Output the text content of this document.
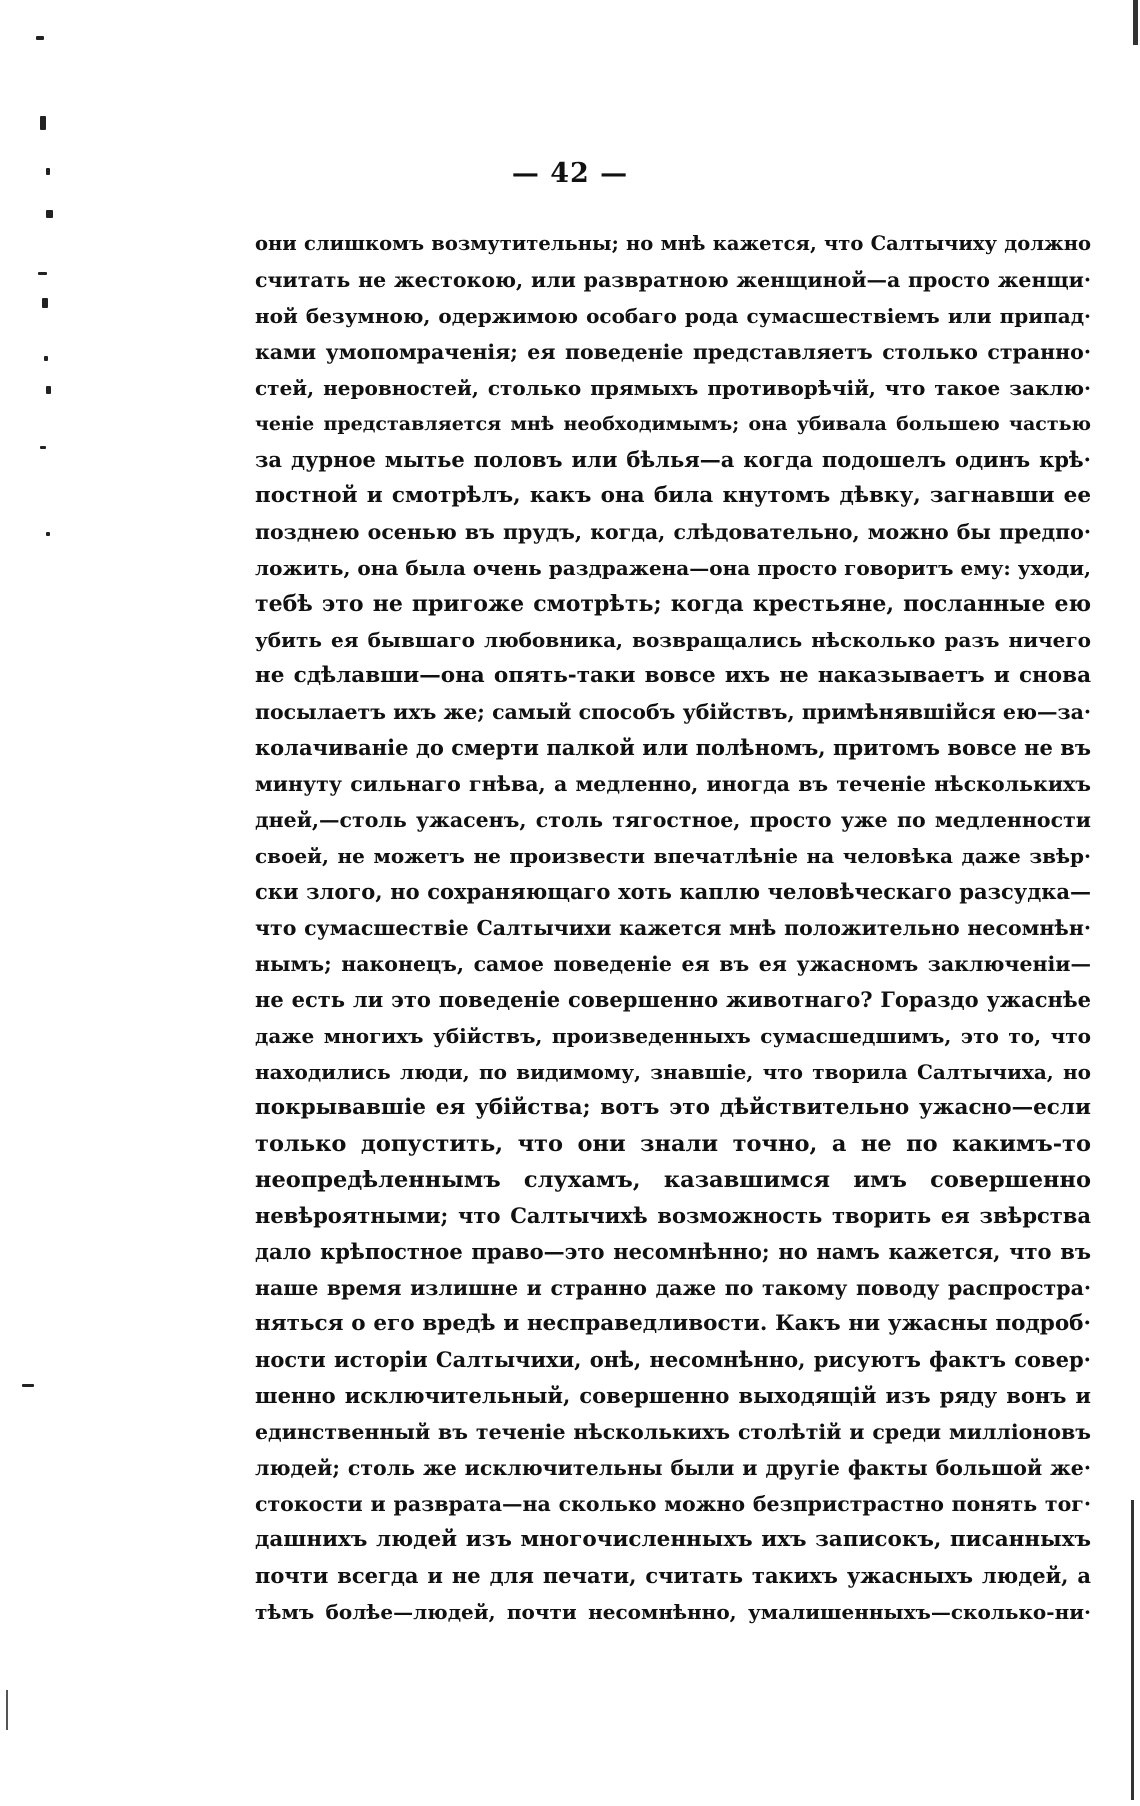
— 42 —
они слишкомъ возмутительны; но мнѣ кажется, что Салтычиху должно
считать не жестокою, или развратною женщиной—а просто женщи·
ной безумною, одержимою особаго рода сумасшествіемъ или припад·
ками умопомраченія; ея поведеніе представляетъ столько странно·
стей, неровностей, столько прямыхъ противорѣчій, что такое заклю·
ченіе представляется мнѣ необходимымъ; она убивала большею частью
за дурное мытье половъ или бѣлья—а когда подошелъ одинъ крѣ·
постной и смотрѣлъ, какъ она била кнутомъ дѣвку, загнавши ее
позднею осенью въ прудъ, когда, слѣдовательно, можно бы предпо·
ложить, она была очень раздражена—она просто говоритъ ему: уходи,
тебѣ это не пригоже смотрѣть; когда крестьяне, посланные ею
убить ея бывшаго любовника, возвращались нѣсколько разъ ничего
не сдѣлавши—она опять-таки вовсе ихъ не наказываетъ и снова
посылаетъ ихъ же; самый способъ убійствъ, примѣнявшійся ею—за·
колачиваніе до смерти палкой или полѣномъ, притомъ вовсе не въ
минуту сильнаго гнѣва, а медленно, иногда въ теченіе нѣсколькихъ
дней,—столь ужасенъ, столь тягостное, просто уже по медленности
своей, не можетъ не произвести впечатлѣніе на человѣка даже звѣр·
ски злого, но сохраняющаго хоть каплю человѣческаго разсудка—
что сумасшествіе Салтычихи кажется мнѣ положительно несомнѣн·
нымъ; наконецъ, самое поведеніе ея въ ея ужасномъ заключеніи—
не есть ли это поведеніе совершенно животнаго? Гораздо ужаснѣе
даже многихъ убійствъ, произведенныхъ сумасшедшимъ, это то, что
находились люди, по видимому, знавшіе, что творила Салтычиха, но
покрывавшіе ея убійства; вотъ это дѣйствительно ужасно—если
только допустить, что они знали точно, а не по какимъ-то
неопредѣленнымъ слухамъ, казавшимся имъ совершенно
невѣроятными; что Салтычихѣ возможность творить ея звѣрства
дало крѣпостное право—это несомнѣнно; но намъ кажется, что въ
наше время излишне и странно даже по такому поводу распростра·
няться о его вредѣ и несправедливости. Какъ ни ужасны подроб·
ности исторіи Салтычихи, онѣ, несомнѣнно, рисуютъ фактъ совер·
шенно исключительный, совершенно выходящій изъ ряду вонъ и
единственный въ теченіе нѣсколькихъ столѣтій и среди милліоновъ
людей; столь же исключительны были и другіе факты большой же·
стокости и разврата—на сколько можно безпристрастно понять тог·
дашнихъ людей изъ многочисленныхъ ихъ записокъ, писанныхъ
почти всегда и не для печати, считать такихъ ужасныхъ людей, а
тѣмъ болѣе—людей, почти несомнѣнно, умалишенныхъ—сколько-ни·
